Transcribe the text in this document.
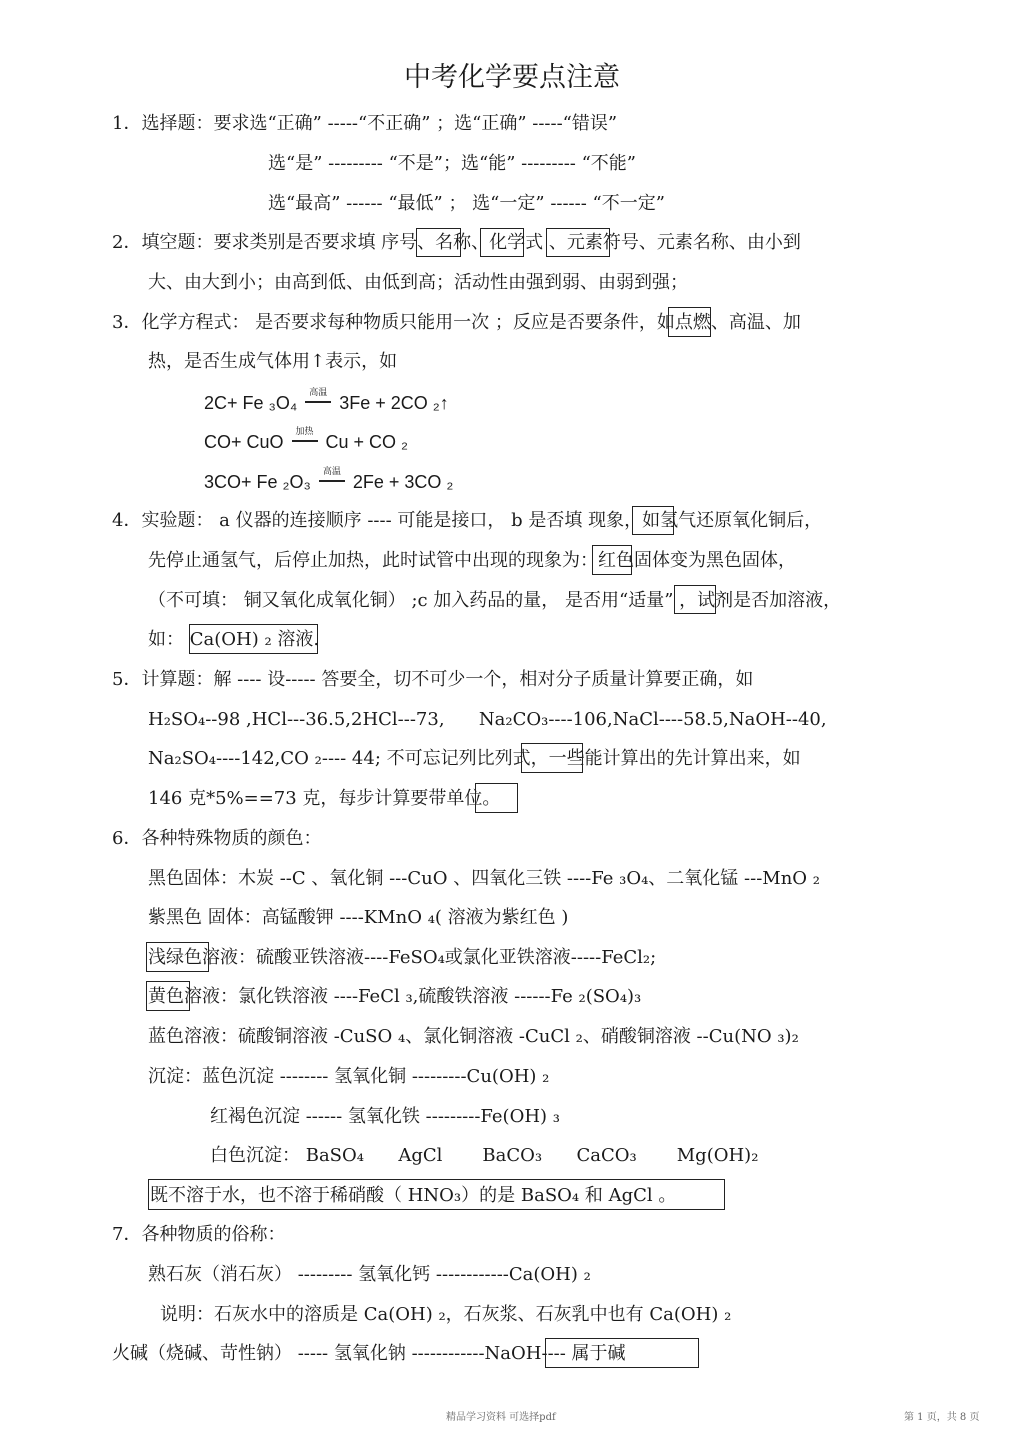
中考化学要点注意
1．选择题：要求选“正确” -----“不正确” ；选“正确” -----“错误”
选“是” --------- “不是”；选“能” --------- “不能”
选“最高” ------ “最低” ； 选“一定” ------ “不一定”
2．填空题：要求类别是否要求填 序号、名称、化学式 、元素符号、元素名称、由小到
大、由大到小；由高到低、由低到高；活动性由强到弱、由弱到强；
3．化学方程式： 是否要求每种物质只能用一次 ；反应是否要条件，如点燃、高温、加
热，是否生成气体用↑表示，如
4．实验题： a 仪器的连接顺序 ---- 可能是接口， b 是否填 现象，如氢气还原氧化铜后，
先停止通氢气，后停止加热，此时试管中出现的现象为：红色固体变为黑色固体，
（不可填： 铜又氧化成氧化铜） ;c 加入药品的量， 是否用“适量” ，试剂是否加溶液，
如： Ca(OH) ₂ 溶液.
5．计算题：解 ---- 设----- 答要全，切不可少一个，相对分子质量计算要正确，如
H₂SO₄--98 ,HCl---36.5,2HCl---73,      Na₂CO₃----106,NaCl----58.5,NaOH--40,
Na₂SO₄----142,CO ₂---- 44; 不可忘记列比列式，一些能计算出的先计算出来，如
146 克*5%==73 克，每步计算要带单位。
6．各种特殊物质的颜色：
黑色固体：木炭 --C 、氧化铜 ---CuO 、四氧化三铁 ----Fe ₃O₄、二氧化锰 ---MnO ₂
紫黑色 固体：高锰酸钾 ----KMnO ₄( 溶液为紫红色 )
浅绿色溶液：硫酸亚铁溶液----FeSO₄或氯化亚铁溶液-----FeCl₂;
黄色溶液：氯化铁溶液 ----FeCl ₃,硫酸铁溶液 ------Fe ₂(SO₄)₃
蓝色溶液：硫酸铜溶液 -CuSO ₄、氯化铜溶液 -CuCl ₂、硝酸铜溶液 --Cu(NO ₃)₂
沉淀：蓝色沉淀 -------- 氢氧化铜 ---------Cu(OH) ₂
红褐色沉淀 ------ 氢氧化铁 ---------Fe(OH) ₃
白色沉淀： BaSO₄      AgCl       BaCO₃      CaCO₃       Mg(OH)₂
既不溶于水，也不溶于稀硝酸（ HNO₃）的是 BaSO₄ 和 AgCl 。
7．各种物质的俗称：
熟石灰（消石灰） --------- 氢氧化钙 ------------Ca(OH) ₂
说明：石灰水中的溶质是 Ca(OH) ₂，石灰浆、石灰乳中也有 Ca(OH) ₂
火碱（烧碱、苛性钠） ----- 氢氧化钠 ------------NaOH---- 属于碱
2C+ Fe ₃O₄
高温
3Fe + 2CO ₂↑
CO+ CuO
加热
Cu + CO ₂
3CO+ Fe ₂O₃
高温
2Fe + 3CO ₂
精品学习资料 可选择pdf	第 1 页，共 8 页
